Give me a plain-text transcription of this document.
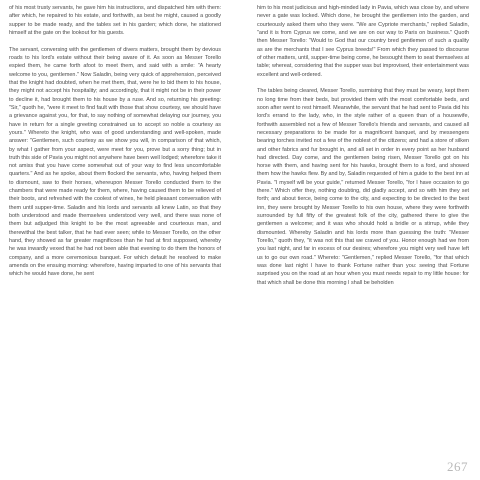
of his most trusty servants, he gave him his instructions, and dispatched him with them: after which, he repaired to his estate, and forthwith, as best he might, caused a goodly supper to be made ready, and the tables set in his garden; which done, he stationed himself at the gate on the lookout for his guests.

The servant, conversing with the gentlemen of divers matters, brought them by devious roads to his lord's estate without their being aware of it. As soon as Messer Torello espied them, he came forth afoot to meet them, and said with a smile: "A hearty welcome to you, gentlemen." Now Saladin, being very quick of apprehension, perceived that the knight had doubted, when he met them, that, were he to bid them to his house, they might not accept his hospitality; and accordingly, that it might not be in their power to decline it, had brought them to his house by a ruse. And so, returning his greeting: "Sir," quoth he, "were it meet to find fault with those that show courtesy, we should have a grievance against you, for that, to say nothing of somewhat delaying our journey, you have in return for a single greeting constrained us to accept so noble a courtesy as yours." Whereto the knight, who was of good understanding and well-spoken, made answer: "Gentlemen, such courtesy as we show you will, in comparison of that which, by what I gather from your aspect, were meet for you, prove but a sorry thing; but in truth this side of Pavia you might not anywhere have been well lodged; wherefore take it not amiss that you have come somewhat out of your way to find less uncomfortable quarters." And as he spoke, about them flocked the servants, who, having helped them to dismount, saw to their horses, whereupon Messer Torello conducted them to the chambers that were made ready for them, where, having caused them to be relieved of their boots, and refreshed with the coolest of wines, he held pleasant conversation with them until supper-time. Saladin and his lords and servants all knew Latin, so that they both understood and made themselves understood very well, and there was none of them but adjudged this knight to be the most agreeable and courteous man, and therewithal the best talker, that he had ever seen; while to Messer Torello, on the other hand, they showed as far greater magnificoes than he had at first supposed, whereby he was inwardly vexed that he had not been able that evening to do them the honors of company, and a more ceremonious banquet. For which default he resolved to make amends on the ensuing morning: wherefore, having imparted to one of his servants that which he would have done, he sent

him to his most judicious and high-minded lady in Pavia, which was close by, and where never a gate was locked. Which done, he brought the gentlemen into the garden, and courteously asked them who they were. "We are Cypriote merchants," replied Saladin, "and it is from Cyprus we come, and we are on our way to Paris on business." Quoth then Messer Torello: "Would to God that our country bred gentlemen of such a quality as are the merchants that I see Cyprus breeds!" From which they passed to discourse of other matters, until, supper-time being come, he besought them to seat themselves at table; whereat, considering that the supper was but improvised, their entertainment was excellent and well-ordered.

The tables being cleared, Messer Torello, surmising that they must be weary, kept them no long time from their beds, but provided them with the most comfortable beds, and soon after went to rest himself. Meanwhile, the servant that he had sent to Pavia did his lord's errand to the lady, who, in the style rather of a queen than of a housewife, forthwith assembled not a few of Messer Torello's friends and servants, and caused all necessary preparations to be made for a magnificent banquet, and by messengers bearing torches invited not a few of the noblest of the citizens; and had a store of silken and other fabrics and fur brought in, and all set in order in every point as her husband had directed. Day come, and the gentlemen being risen, Messer Torello got on his horse with them, and having sent for his hawks, brought them to a ford, and showed them how the hawks flew. By and by, Saladin requested of him a guide to the best inn at Pavia. "I myself will be your guide," returned Messer Torello, "for I have occasion to go there." Which offer they, nothing doubting, did gladly accept, and so with him they set forth; and about tierce, being come to the city, and expecting to be directed to the best inn, they were brought by Messer Torello to his own house, where they were forthwith surrounded by full fifty of the greatest folk of the city, gathered there to give the gentlemen a welcome; and it was who should hold a bridle or a stirrup, while they dismounted. Whereby Saladin and his lords more than guessing the truth: "Messer Torello," quoth they, "it was not this that we craved of you. Honor enough had we from you last night, and far in excess of our desires; wherefore you might very well have left us to go our own road." Whereto: "Gentlemen," replied Messer Torello, "for that which was done last night I have to thank Fortune rather than you: seeing that Fortune surprised you on the road at an hour when you must needs repair to my little house: for that which shall be done this morning I shall be beholden

267
